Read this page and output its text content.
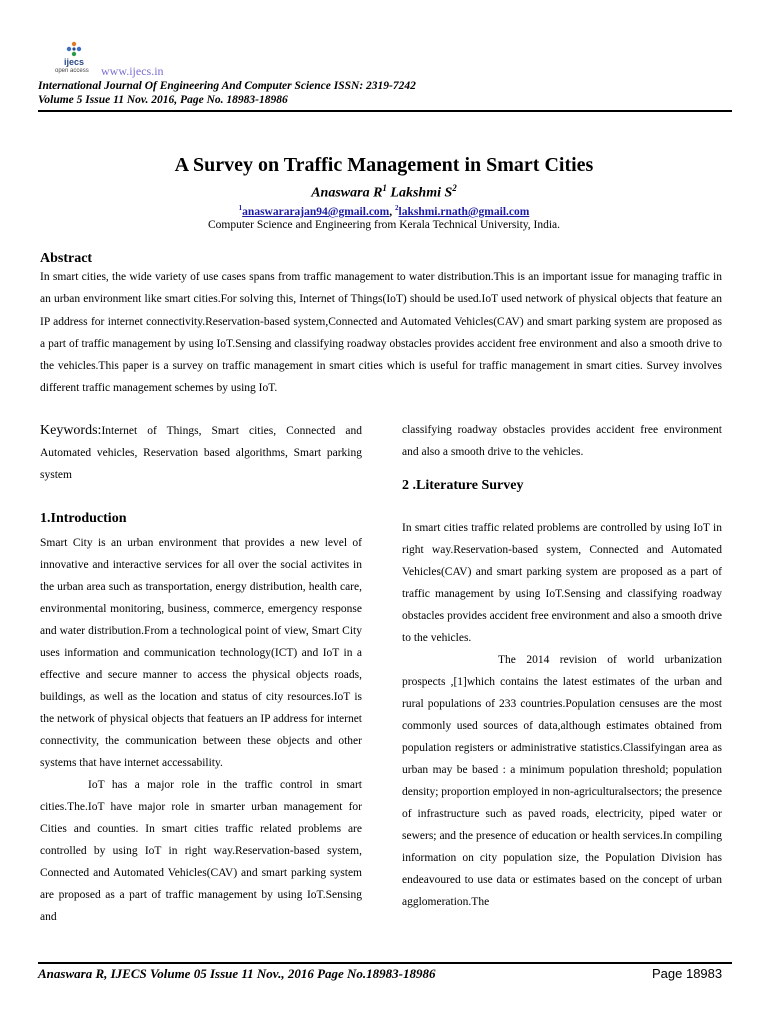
ijecs
open access www.ijecs.in
International Journal Of Engineering And Computer Science ISSN: 2319-7242
Volume 5 Issue 11 Nov. 2016, Page No. 18983-18986
A Survey on Traffic Management in Smart Cities
Anaswara $R^1$ Lakshmi $S^2$
$^1$anaswararajan94@gmail.com, $^2$lakshmi.rnath@gmail.com
Computer Science and Engineering from Kerala Technical University, India.
Abstract
In smart cities, the wide variety of use cases spans from traffic management to water distribution.This is an important issue for managing traffic in an urban environment like smart cities.For solving this, Internet of Things(IoT) should be used.IoT used network of physical objects that feature an IP address for internet connectivity.Reservation-based system,Connected and Automated Vehicles(CAV) and smart parking system are proposed as a part of traffic management by using IoT.Sensing and classifying roadway obstacles provides accident free environment and also a smooth drive to the vehicles.This paper is a survey on traffic management in smart cities which is useful for traffic management in smart cities. Survey involves different traffic management schemes by using IoT.

Keywords:Internet of Things, Smart cities, Connected and Automated vehicles, Reservation based algorithms, Smart parking system

1.Introduction

Smart City is an urban environment that provides a new level of innovative and interactive services for all over the social activites in the urban area such as transportation, energy distribution, health care, environmental monitoring, business, commerce, emergency response and water distribution.From a technological point of view, Smart City uses information and communication technology(ICT) and IoT in a effective and secure manner to access the physical objects roads, buildings, as well as the location and status of city resources.IoT is the network of physical objects that featuers an IP address for internet connectivity, the communication between these objects and other systems that have internet accessability.

IoT has a major role in the traffic control in smart cities.The.IoT have major role in smarter urban management for Cities and counties. In smart cities traffic related problems are controlled by using IoT in right way.Reservation-based system, Connected and Automated Vehicles(CAV) and smart parking system are proposed as a part of traffic management by using IoT.Sensing and

classifying roadway obstacles provides accident free environment and also a smooth drive to the vehicles.

2 .Literature Survey

In smart cities traffic related problems are controlled by using IoT in right way.Reservation-based system, Connected and Automated Vehicles(CAV) and smart parking system are proposed as a part of traffic management by using IoT.Sensing and classifying roadway obstacles provides accident free environment and also a smooth drive to the vehicles.

The 2014 revision of world urbanization prospects ,[1]which contains the latest estimates of the urban and rural populations of 233 countries.Population censuses are the most commonly used sources of data,although estimates obtained from population registers or administrative statistics.Classifyingan area as urban may be based : a minimum population threshold; population density; proportion employed in non-agriculturalsectors; the presence of infrastructure such as paved roads, electricity, piped water or sewers; and the presence of education or health services.In compiling information on city population size, the Population Division has endeavoured to use data or estimates based on the concept of urban agglomeration.The

Anaswara R, IJECS Volume 05 Issue 11 Nov., 2016 Page No.18983-18986	Page 18983
